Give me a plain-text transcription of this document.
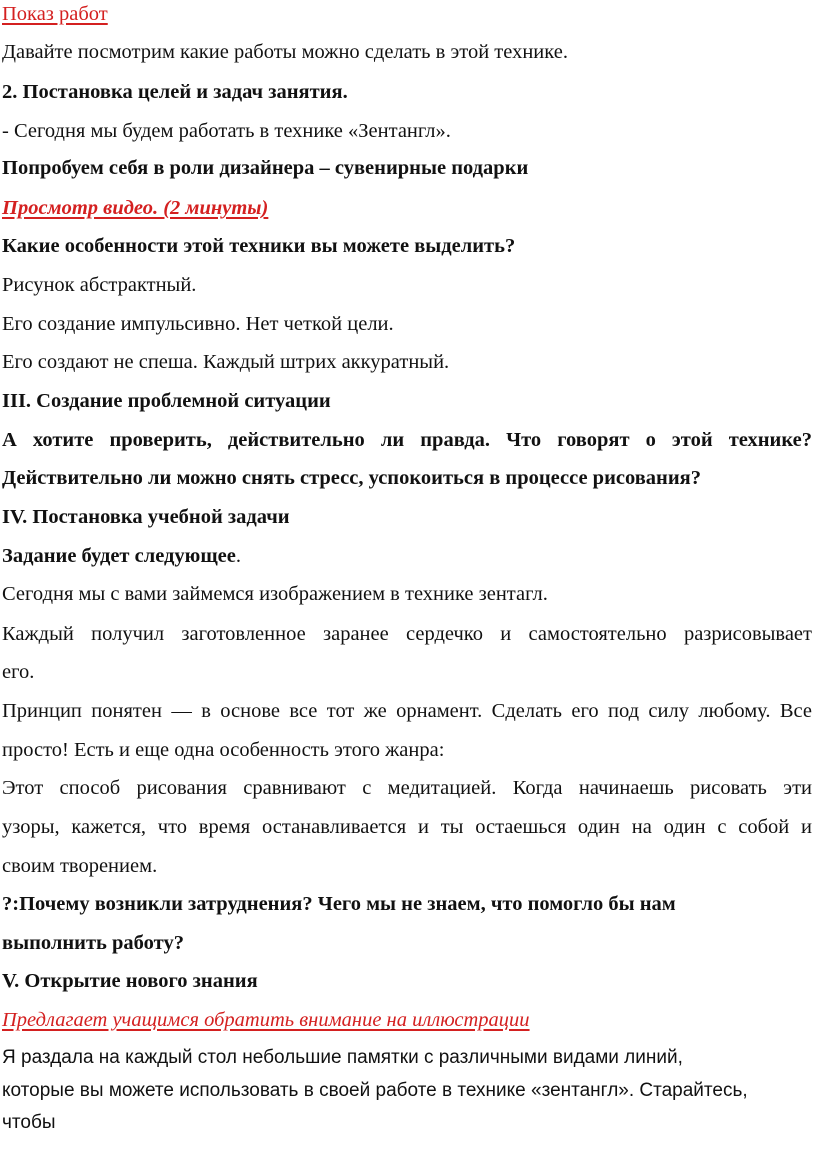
Показ работ
Давайте посмотрим какие работы можно сделать в этой технике.
2. Постановка целей и задач занятия.
- Сегодня мы будем работать в технике «Зентангл».
Попробуем себя в роли дизайнера – сувенирные подарки
Просмотр видео. (2 минуты)
Какие особенности этой техники вы можете выделить?
Рисунок абстрактный.
Его создание импульсивно. Нет четкой цели.
Его создают не спеша. Каждый штрих аккуратный.
III. Создание проблемной ситуации
А хотите проверить, действительно ли правда. Что говорят о этой технике?
Действительно ли можно снять стресс, успокоиться в процессе рисования?
IV. Постановка учебной задачи
Задание будет следующее.
Сегодня мы с вами займемся изображением в технике зентагл.
Каждый получил заготовленное заранее сердечко и самостоятельно разрисовывает
его.
Принцип понятен — в основе все тот же орнамент. Сделать его под силу любому. Все
просто! Есть и еще одна особенность этого жанра:
Этот способ рисования сравнивают с медитацией. Когда начинаешь рисовать эти
узоры, кажется, что время останавливается и ты остаешься один на один с собой и
своим творением.
?:Почему возникли затруднения? Чего мы не знаем, что помогло бы нам
выполнить работу?
V. Открытие нового знания
Предлагает учащимся обратить внимание на иллюстрации
Я раздала на каждый стол небольшие памятки с различными видами линий,
которые вы можете использовать в своей работе в технике «зентангл». Старайтесь,
чтобы
